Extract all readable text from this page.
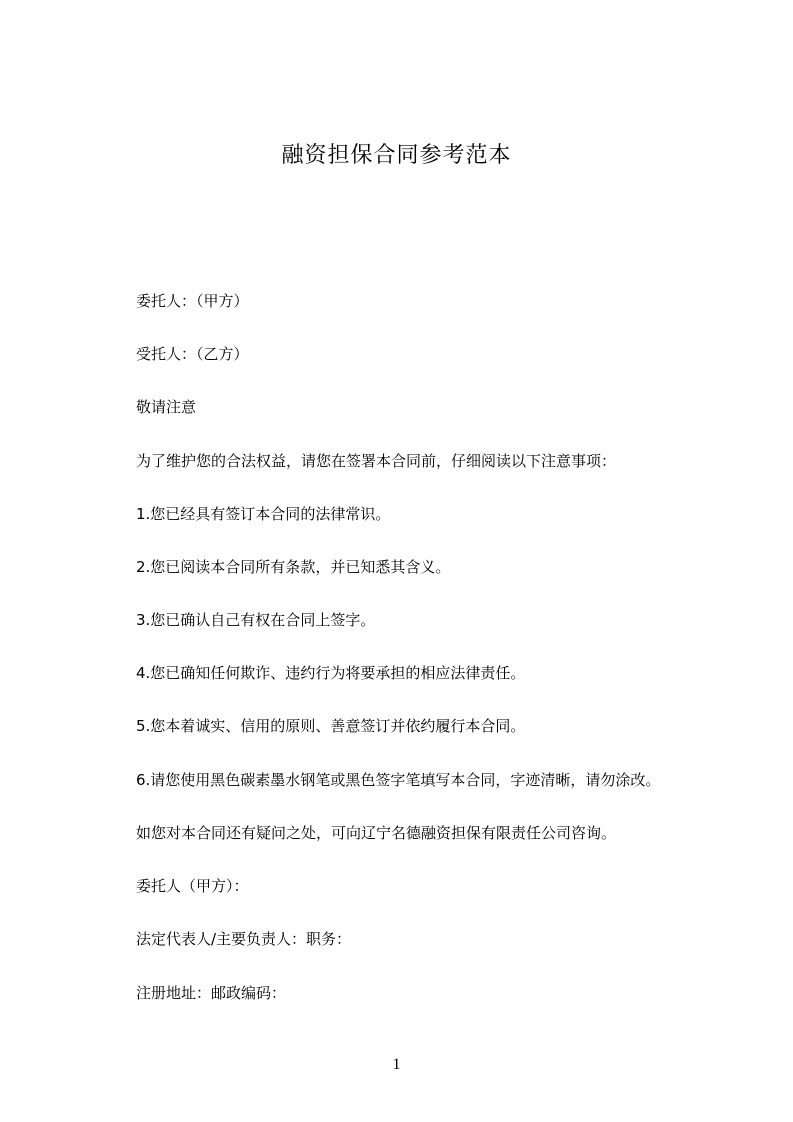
融资担保合同参考范本
委托人：（甲方）
受托人：（乙方）
敬请注意
为了维护您的合法权益，请您在签署本合同前，仔细阅读以下注意事项：
1.您已经具有签订本合同的法律常识。
2.您已阅读本合同所有条款，并已知悉其含义。
3.您已确认自己有权在合同上签字。
4.您已确知任何欺诈、违约行为将要承担的相应法律责任。
5.您本着诚实、信用的原则、善意签订并依约履行本合同。
6.请您使用黑色碳素墨水钢笔或黑色签字笔填写本合同，字迹清晰，请勿涂改。
如您对本合同还有疑问之处，可向辽宁名德融资担保有限责任公司咨询。
委托人（甲方）：
法定代表人/主要负责人：职务：
注册地址：邮政编码：
1
